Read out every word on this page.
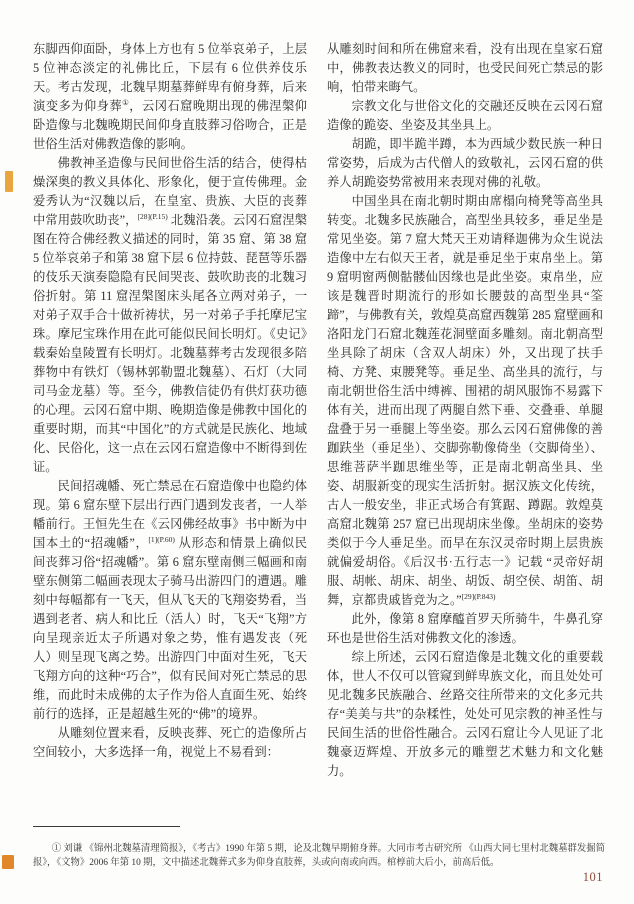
东脚西仰面卧，身体上方也有 5 位举哀弟子，上层 5 位神态淡定的礼佛比丘，下层有 6 位供养伎乐天。考古发现，北魏早期墓葬鲜卑有俯身葬，后来演变多为仰身葬①，云冈石窟晚期出现的佛涅槃仰卧造像与北魏晚期民间仰身直肢葬习俗吻合，正是世俗生活对佛教造像的影响。

佛教神圣造像与民间世俗生活的结合，使得枯燥深奥的教义具体化、形象化，便于宣传佛理。金爱秀认为“汉魏以后，在皇室、贵族、大臣的丧葬中常用鼓吹助丧”，$^{[28](P.15)}$ 北魏沿袭。云冈石窟涅槃图在符合佛经教义描述的同时，第 35 窟、第 38 窟 5 位举哀弟子和第 38 窟下层 6 位持鼓、琵琶等乐器的伎乐天演奏隐隐有民间哭丧、鼓吹助丧的北魏习俗折射。第 11 窟涅槃图床头尾各立两对弟子，一对弟子双手合十做祈祷状，另一对弟子手托摩尼宝珠。摩尼宝珠作用在此可能似民间长明灯。《史记》载秦始皇陵置有长明灯。北魏墓葬考古发现很多陪葬物中有铁灯（锡林郭勒盟北魏墓）、石灯（大同司马金龙墓）等。至今，佛教信徒仍有供灯获功德的心理。云冈石窟中期、晚期造像是佛教中国化的重要时期，而其“中国化”的方式就是民族化、地域化、民俗化，这一点在云冈石窟造像中不断得到佐证。

民间招魂幡、死亡禁忌在石窟造像中也隐约体现。第 6 窟东壁下层出行西门遇到发丧者，一人举幡前行。王恒先生在《云冈佛经故事》书中断为中国本土的“招魂幡”，$^{[1](P.60)}$ 从形态和情景上确似民间丧葬习俗“招魂幡”。第 6 窟东壁南侧三幅画和南壁东侧第二幅画表现太子骑马出游四门的遭遇。雕刻中每幅都有一飞天，但从飞天的飞翔姿势看，当遇到老者、病人和比丘（活人）时，飞天“飞翔”方向呈现亲近太子所遇对象之势，惟有遇发丧（死人）则呈现飞离之势。出游四门中面对生死，飞天飞翔方向的这种“巧合”，似有民间对死亡禁忌的思维，而此时未成佛的太子作为俗人直面生死、始终前行的选择，正是超越生死的“佛”的境界。

从雕刻位置来看，反映丧葬、死亡的造像所占空间较小，大多选择一角，视觉上不易看到：

从雕刻时间和所在佛窟来看，没有出现在皇家石窟中，佛教表达教义的同时，也受民间死亡禁忌的影响，怕带来晦气。

宗教文化与世俗文化的交融还反映在云冈石窟造像的跪姿、坐姿及其坐具上。

胡跪，即半跪半蹲，本为西域少数民族一种日常姿势，后成为古代僧人的致敬礼，云冈石窟的供养人胡跪姿势常被用来表现对佛的礼敬。

中国坐具在南北朝时期由席榻向椅凳等高坐具转变。北魏多民族融合，高型坐具较多，垂足坐是常见坐姿。第 7 窟大梵天王劝请释迦佛为众生说法造像中左右似天王者，就是垂足坐于束帛坐上。第 9 窟明窗两侧骷髅仙因缘也是此坐姿。束帛坐，应该是魏晋时期流行的形如长腰鼓的高型坐具“筌蹄”，与佛教有关，敦煌莫高窟西魏第 285 窟壁画和洛阳龙门石窟北魏莲花洞壁面多雕刻。南北朝高型坐具除了胡床（含双人胡床）外，又出现了扶手椅、方凳、束腰凳等。垂足坐、高坐具的流行，与南北朝世俗生活中缚裤、围裙的胡风服饰不易露下体有关，进而出现了两腿自然下垂、交叠垂、单腿盘叠于另一垂腿上等坐姿。那么云冈石窟佛像的善跏趺坐（垂足坐）、交脚弥勒像倚坐（交脚倚坐）、思维菩萨半跏思维坐等，正是南北朝高坐具、坐姿、胡服新变的现实生活折射。据汉族文化传统，古人一般安坐，非正式场合有箕踞、蹲踞。敦煌莫高窟北魏第 257 窟已出现胡床坐像。坐胡床的姿势类似于今人垂足坐。而早在东汉灵帝时期上层贵族就偏爱胡俗。《后汉书·五行志一》记载 “灵帝好胡服、胡帐、胡床、胡坐、胡饭、胡空侯、胡笛、胡舞，京都贵戚皆竞为之。”$^{[29](P.843)}$

此外，像第 8 窟摩醯首罗天所骑牛，牛鼻孔穿环也是世俗生活对佛教文化的渗透。

综上所述，云冈石窟造像是北魏文化的重要载体，世人不仅可以管窥到鲜卑族文化，而且处处可见北魏多民族融合、丝路交往所带来的文化多元共存“美美与共”的杂糅性，处处可见宗教的神圣性与民间生活的世俗性融合。云冈石窟让今人见证了北魏豪迈辉煌、开放多元的雕塑艺术魅力和文化魅力。

① 刘谦 《锦州北魏墓清理简报》，《考古》1990 年第 5 期，论及北魏早期俯身葬。大同市考古研究所 《山西大同七里村北魏墓群发掘简报》，《文物》2006 年第 10 期，文中描述北魏葬式多为仰身直肢葬，头或向南或向西。棺椁前大后小，前高后低。

101
